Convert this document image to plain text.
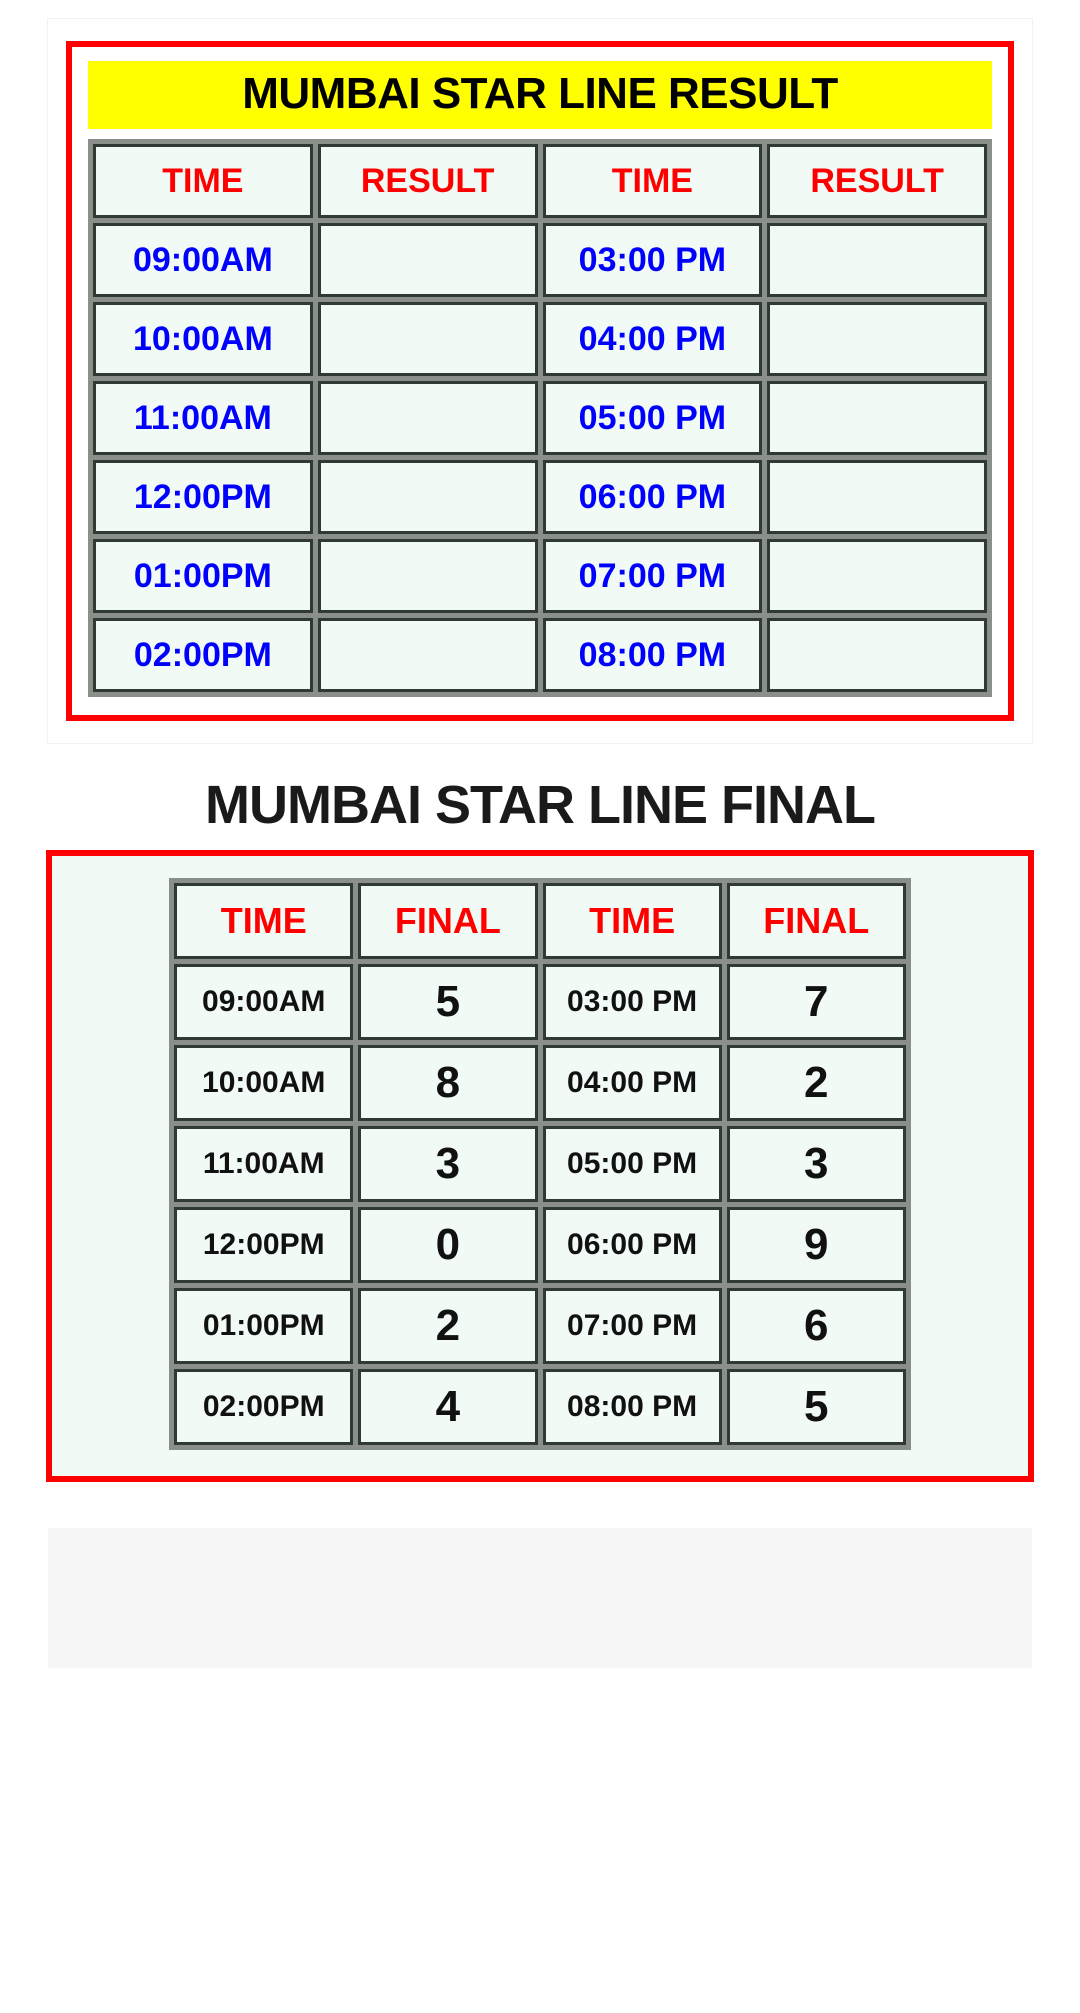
MUMBAI STAR LINE RESULT
TIME	RESULT	TIME	RESULT
09:00AM		03:00 PM	
10:00AM		04:00 PM	
11:00AM		05:00 PM	
12:00PM		06:00 PM	
01:00PM		07:00 PM	
02:00PM		08:00 PM	
MUMBAI STAR LINE FINAL
TIME	FINAL	TIME	FINAL
09:00AM	5	03:00 PM	7
10:00AM	8	04:00 PM	2
11:00AM	3	05:00 PM	3
12:00PM	0	06:00 PM	9
01:00PM	2	07:00 PM	6
02:00PM	4	08:00 PM	5
